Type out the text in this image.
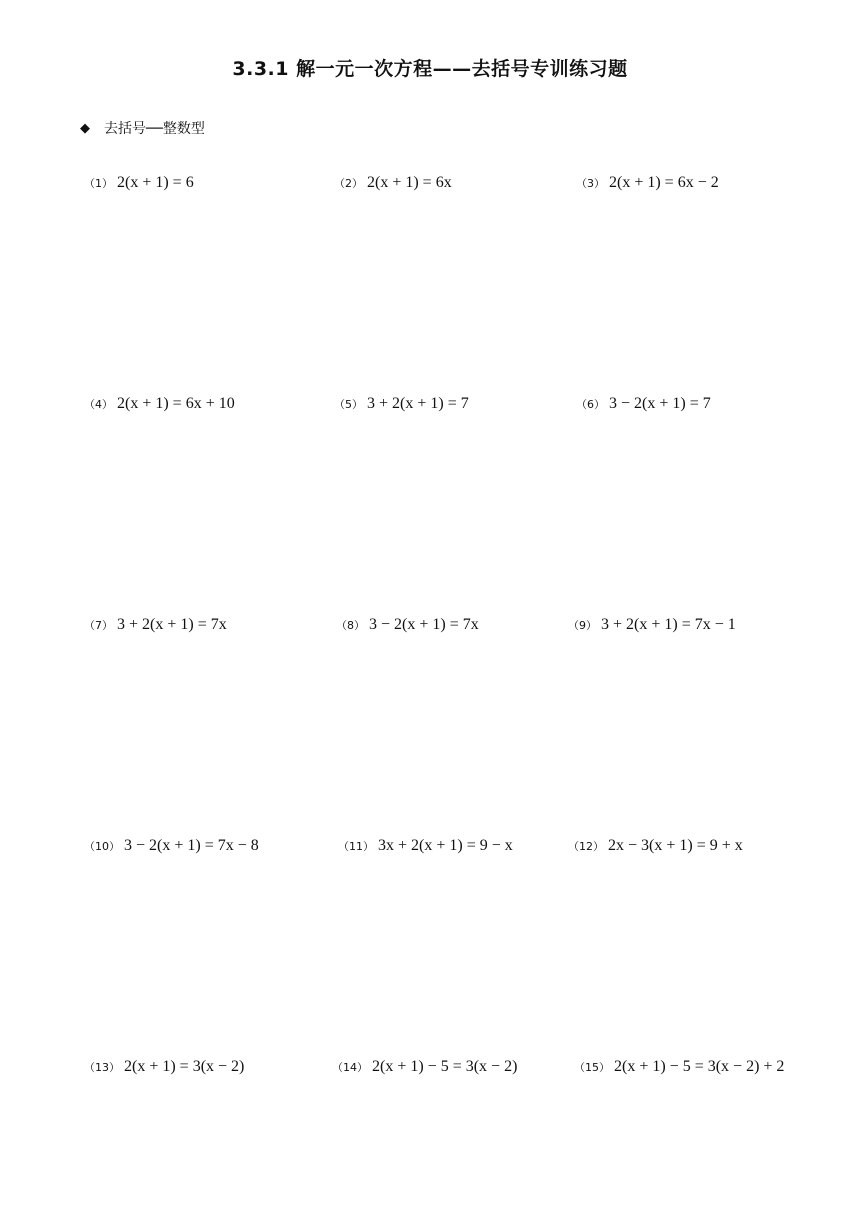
3.3.1 解一元一次方程——去括号专训练习题
◆ 去括号──整数型
（1） 2(x + 1) = 6	（2） 2(x + 1) = 6x	（3） 2(x + 1) = 6x − 2
（4） 2(x + 1) = 6x + 10	（5） 3 + 2(x + 1) = 7	（6） 3 − 2(x + 1) = 7
（7） 3 + 2(x + 1) = 7x	（8） 3 − 2(x + 1) = 7x	（9） 3 + 2(x + 1) = 7x − 1
（10） 3 − 2(x + 1) = 7x − 8	（11） 3x + 2(x + 1) = 9 − x	（12） 2x − 3(x + 1) = 9 + x
（13） 2(x + 1) = 3(x − 2)	（14） 2(x + 1) − 5 = 3(x − 2)	（15） 2(x + 1) − 5 = 3(x − 2) + 2
